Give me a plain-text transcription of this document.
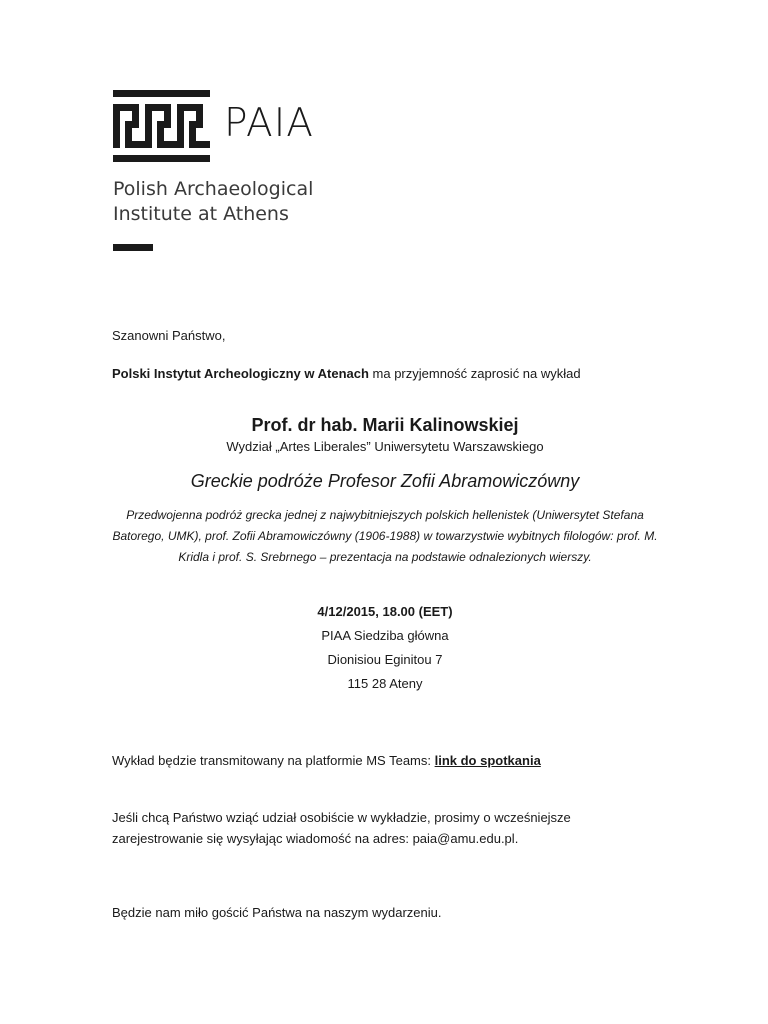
PAIA
Polish Archaeological
Institute at Athens
Szanowni Państwo,
Polski Instytut Archeologiczny w Atenach ma przyjemność zaprosić na wykład
Prof. dr hab. Marii Kalinowskiej
Wydział „Artes Liberales” Uniwersytetu Warszawskiego
Greckie podróże Profesor Zofii Abramowiczówny
Przedwojenna podróż grecka jednej z najwybitniejszych polskich hellenistek (Uniwersytet Stefana Batorego, UMK), prof. Zofii Abramowiczówny (1906-1988) w towarzystwie wybitnych filologów: prof. M. Kridla i prof. S. Srebrnego – prezentacja na podstawie odnalezionych wierszy.
4/12/2015, 18.00 (EET)
PIAA Siedziba główna
Dionisiou Eginitou 7
115 28 Ateny
Wykład będzie transmitowany na platformie MS Teams: link do spotkania
Jeśli chcą Państwo wziąć udział osobiście w wykładzie, prosimy o wcześniejsze
zarejestrowanie się wysyłając wiadomość na adres: paia@amu.edu.pl.
Będzie nam miło gościć Państwa na naszym wydarzeniu.
